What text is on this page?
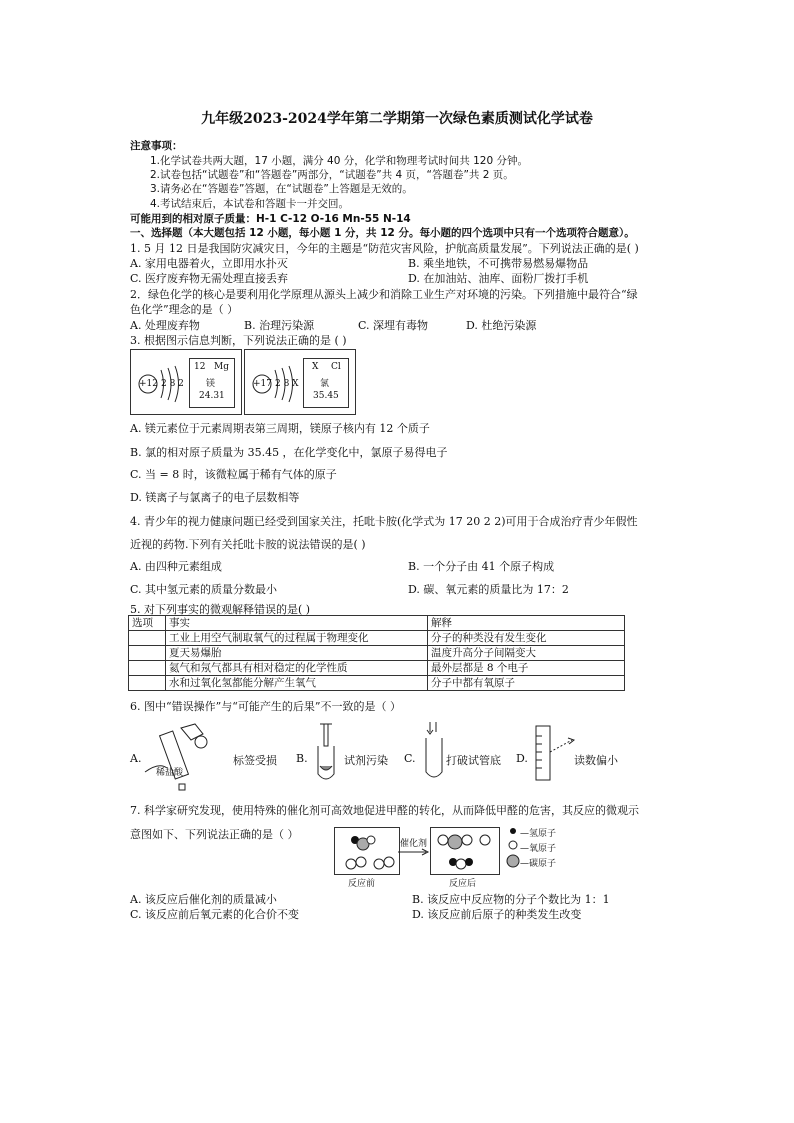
九年级2023-2024学年第二学期第一次绿色素质测试化学试卷
注意事项：
1.化学试卷共两大题，17 小题，满分 40 分，化学和物理考试时间共 120 分钟。
2.试卷包括“试题卷”和“答题卷”两部分，“试题卷”共 4 页，“答题卷”共 2 页。
3.请务必在“答题卷”答题，在“试题卷”上答题是无效的。
4.考试结束后，本试卷和答题卡一并交回。
可能用到的相对原子质量：H-1 C-12 O-16 Mn-55 N-14
一、选择题（本大题包括 12 小题，每小题 1 分，共 12 分。每小题的四个选项中只有一个选项符合题意）。
1. 5 月 12 日是我国防灾减灾日，今年的主题是“防范灾害风险，护航高质量发展”。下列说法正确的是( )
A. 家用电器着火，立即用水扑灭	B. 乘坐地铁，不可携带易燃易爆物品
C. 医疗废弃物无需处理直接丢弃	D. 在加油站、油库、面粉厂拨打手机
2．绿色化学的核心是要利用化学原理从源头上减少和消除工业生产对环境的污染。下列措施中最符合“绿
色化学”理念的是（ ）
A. 处理废弃物	B. 治理污染源	C. 深埋有毒物	D. 杜绝污染源
3. 根据图示信息判断，下列说法正确的是 ( )
+12 2 8 2
12 Mg
镁
24.31
+17 2 8 X
X Cl
氯
35.45
A. 镁元素位于元素周期表第三周期，镁原子核内有 12 个质子
B. 氯的相对原子质量为 35.45 ，在化学变化中，氯原子易得电子
C. 当 = 8 时，该微粒属于稀有气体的原子
D. 镁离子与氯离子的电子层数相等
4. 青少年的视力健康问题已经受到国家关注，托吡卡胺(化学式为 17 20 2 2)可用于合成治疗青少年假性
近视的药物.下列有关托吡卡胺的说法错误的是( )
A. 由四种元素组成	B. 一个分子由 41 个原子构成
C. 其中氢元素的质量分数最小	D. 碳、氧元素的质量比为 17：2
5. 对下列事实的微观解释错误的是( )
选项	事实	解释
	工业上用空气制取氧气的过程属于物理变化	分子的种类没有发生变化
	夏天易爆胎	温度升高分子间隔变大
	氦气和氖气都具有相对稳定的化学性质	最外层都是 8 个电子
	水和过氧化氢都能分解产生氧气	分子中都有氧原子
6. 图中“错误操作”与“可能产生的后果”不一致的是（ ）
A.
稀盐酸
标签受损 B.	试剂污染 C.	打破试管底 D.	读数偏小
7. 科学家研究发现，使用特殊的催化剂可高效地促进甲醛的转化，从而降低甲醛的危害，其反应的微观示
意图如下、下列说法正确的是（ ）
催化剂
反应前	反应后
—氢原子
—氧原子
—碳原子
A. 该反应后催化剂的质量减小	B. 该反应中反应物的分子个数比为 1：1
C. 该反应前后氧元素的化合价不变	D. 该反应前后原子的种类发生改变
